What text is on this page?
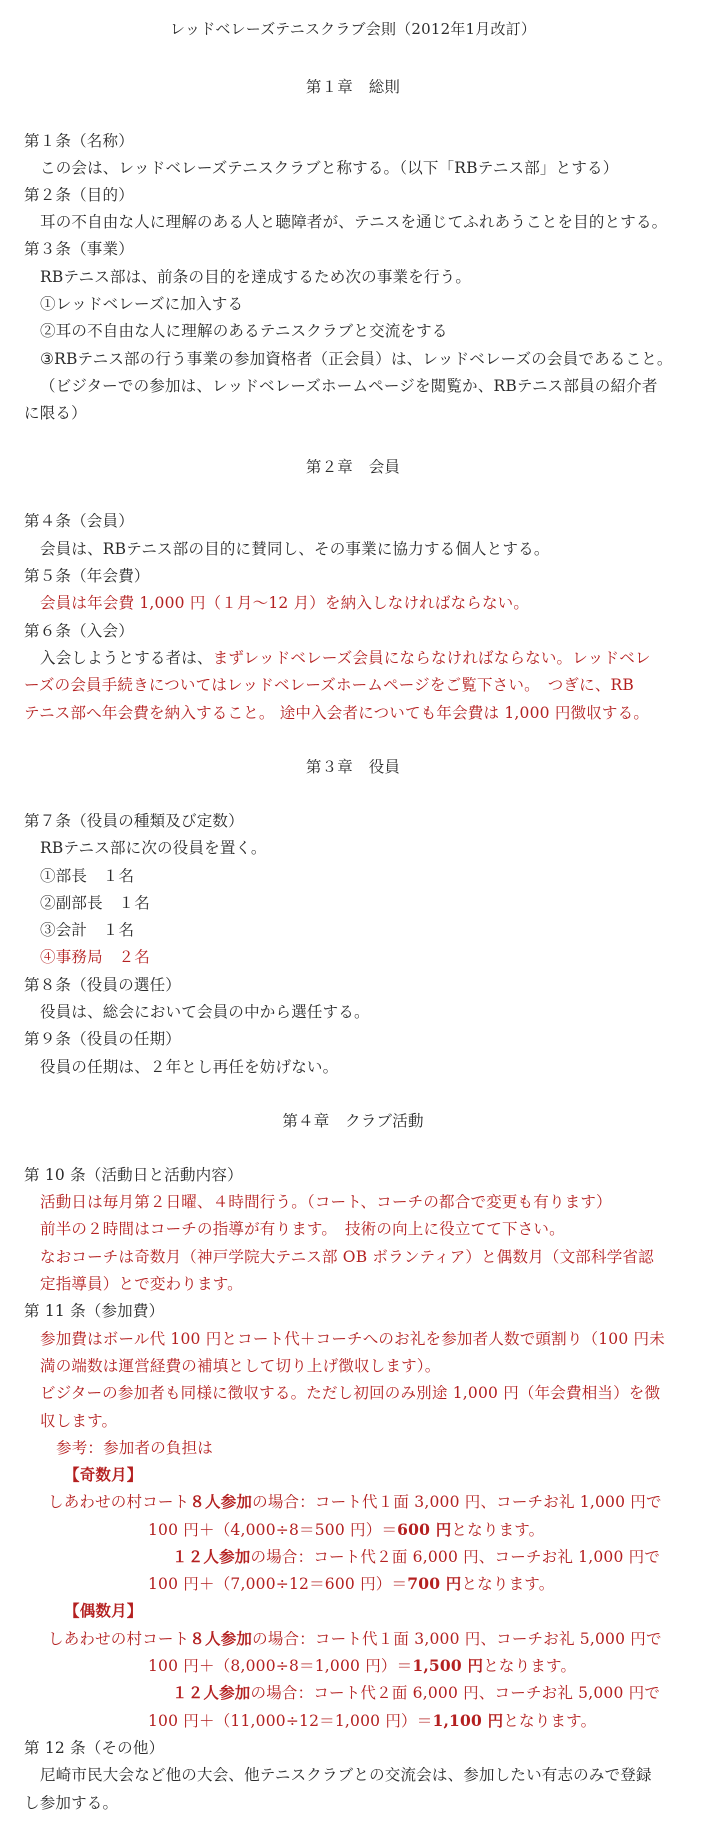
レッドベレーズテニスクラブ会則（2012年1月改訂）
第１章　総則
第１条（名称）
この会は、レッドベレーズテニスクラブと称する。（以下「RBテニス部」とする）
第２条（目的）
耳の不自由な人に理解のある人と聴障者が、テニスを通じてふれあうことを目的とする。
第３条（事業）
RBテニス部は、前条の目的を達成するため次の事業を行う。
①レッドベレーズに加入する
②耳の不自由な人に理解のあるテニスクラブと交流をする
③RBテニス部の行う事業の参加資格者（正会員）は、レッドベレーズの会員であること。
（ビジターでの参加は、レッドベレーズホームページを閲覧か、RBテニス部員の紹介者
に限る）
第２章　会員
第４条（会員）
会員は、RBテニス部の目的に賛同し、その事業に協力する個人とする。
第５条（年会費）
会員は年会費 1,000 円（１月〜12 月）を納入しなければならない。
第６条（入会）
入会しようとする者は、まずレッドベレーズ会員にならなければならない。レッドベレ
ーズの会員手続きについてはレッドベレーズホームページをご覧下さい。　つぎに、RB
テニス部へ年会費を納入すること。 途中入会者についても年会費は 1,000 円徴収する。
第３章　役員
第７条（役員の種類及び定数）
RBテニス部に次の役員を置く。
①部長　１名
②副部長　１名
③会計　１名
④事務局　２名
第８条（役員の選任）
役員は、総会において会員の中から選任する。
第９条（役員の任期）
役員の任期は、２年とし再任を妨げない。
第４章　クラブ活動
第 10 条（活動日と活動内容）
活動日は毎月第２日曜、４時間行う。（コート、コーチの都合で変更も有ります）
前半の２時間はコーチの指導が有ります。　技術の向上に役立てて下さい。
なおコーチは奇数月（神戸学院大テニス部 OB ボランティア）と偶数月（文部科学省認
定指導員）とで変わります。
第 11 条（参加費）
参加費はボール代 100 円とコート代＋コーチへのお礼を参加者人数で頭割り（100 円未
満の端数は運営経費の補填として切り上げ徴収します）。
ビジターの参加者も同様に徴収する。ただし初回のみ別途 1,000 円（年会費相当）を徴
収します。
参考：参加者の負担は
【奇数月】
しあわせの村コート８人参加の場合：コート代１面 3,000 円、コーチお礼 1,000 円で
100 円＋（4,000÷8＝500 円）＝600 円となります。
１２人参加の場合：コート代２面 6,000 円、コーチお礼 1,000 円で
100 円＋（7,000÷12＝600 円）＝700 円となります。
【偶数月】
しあわせの村コート８人参加の場合：コート代１面 3,000 円、コーチお礼 5,000 円で
100 円＋（8,000÷8＝1,000 円）＝1,500 円となります。
１２人参加の場合：コート代２面 6,000 円、コーチお礼 5,000 円で
100 円＋（11,000÷12＝1,000 円）＝1,100 円となります。
第 12 条（その他）
尼崎市民大会など他の大会、他テニスクラブとの交流会は、参加したい有志のみで登録
し参加する。
